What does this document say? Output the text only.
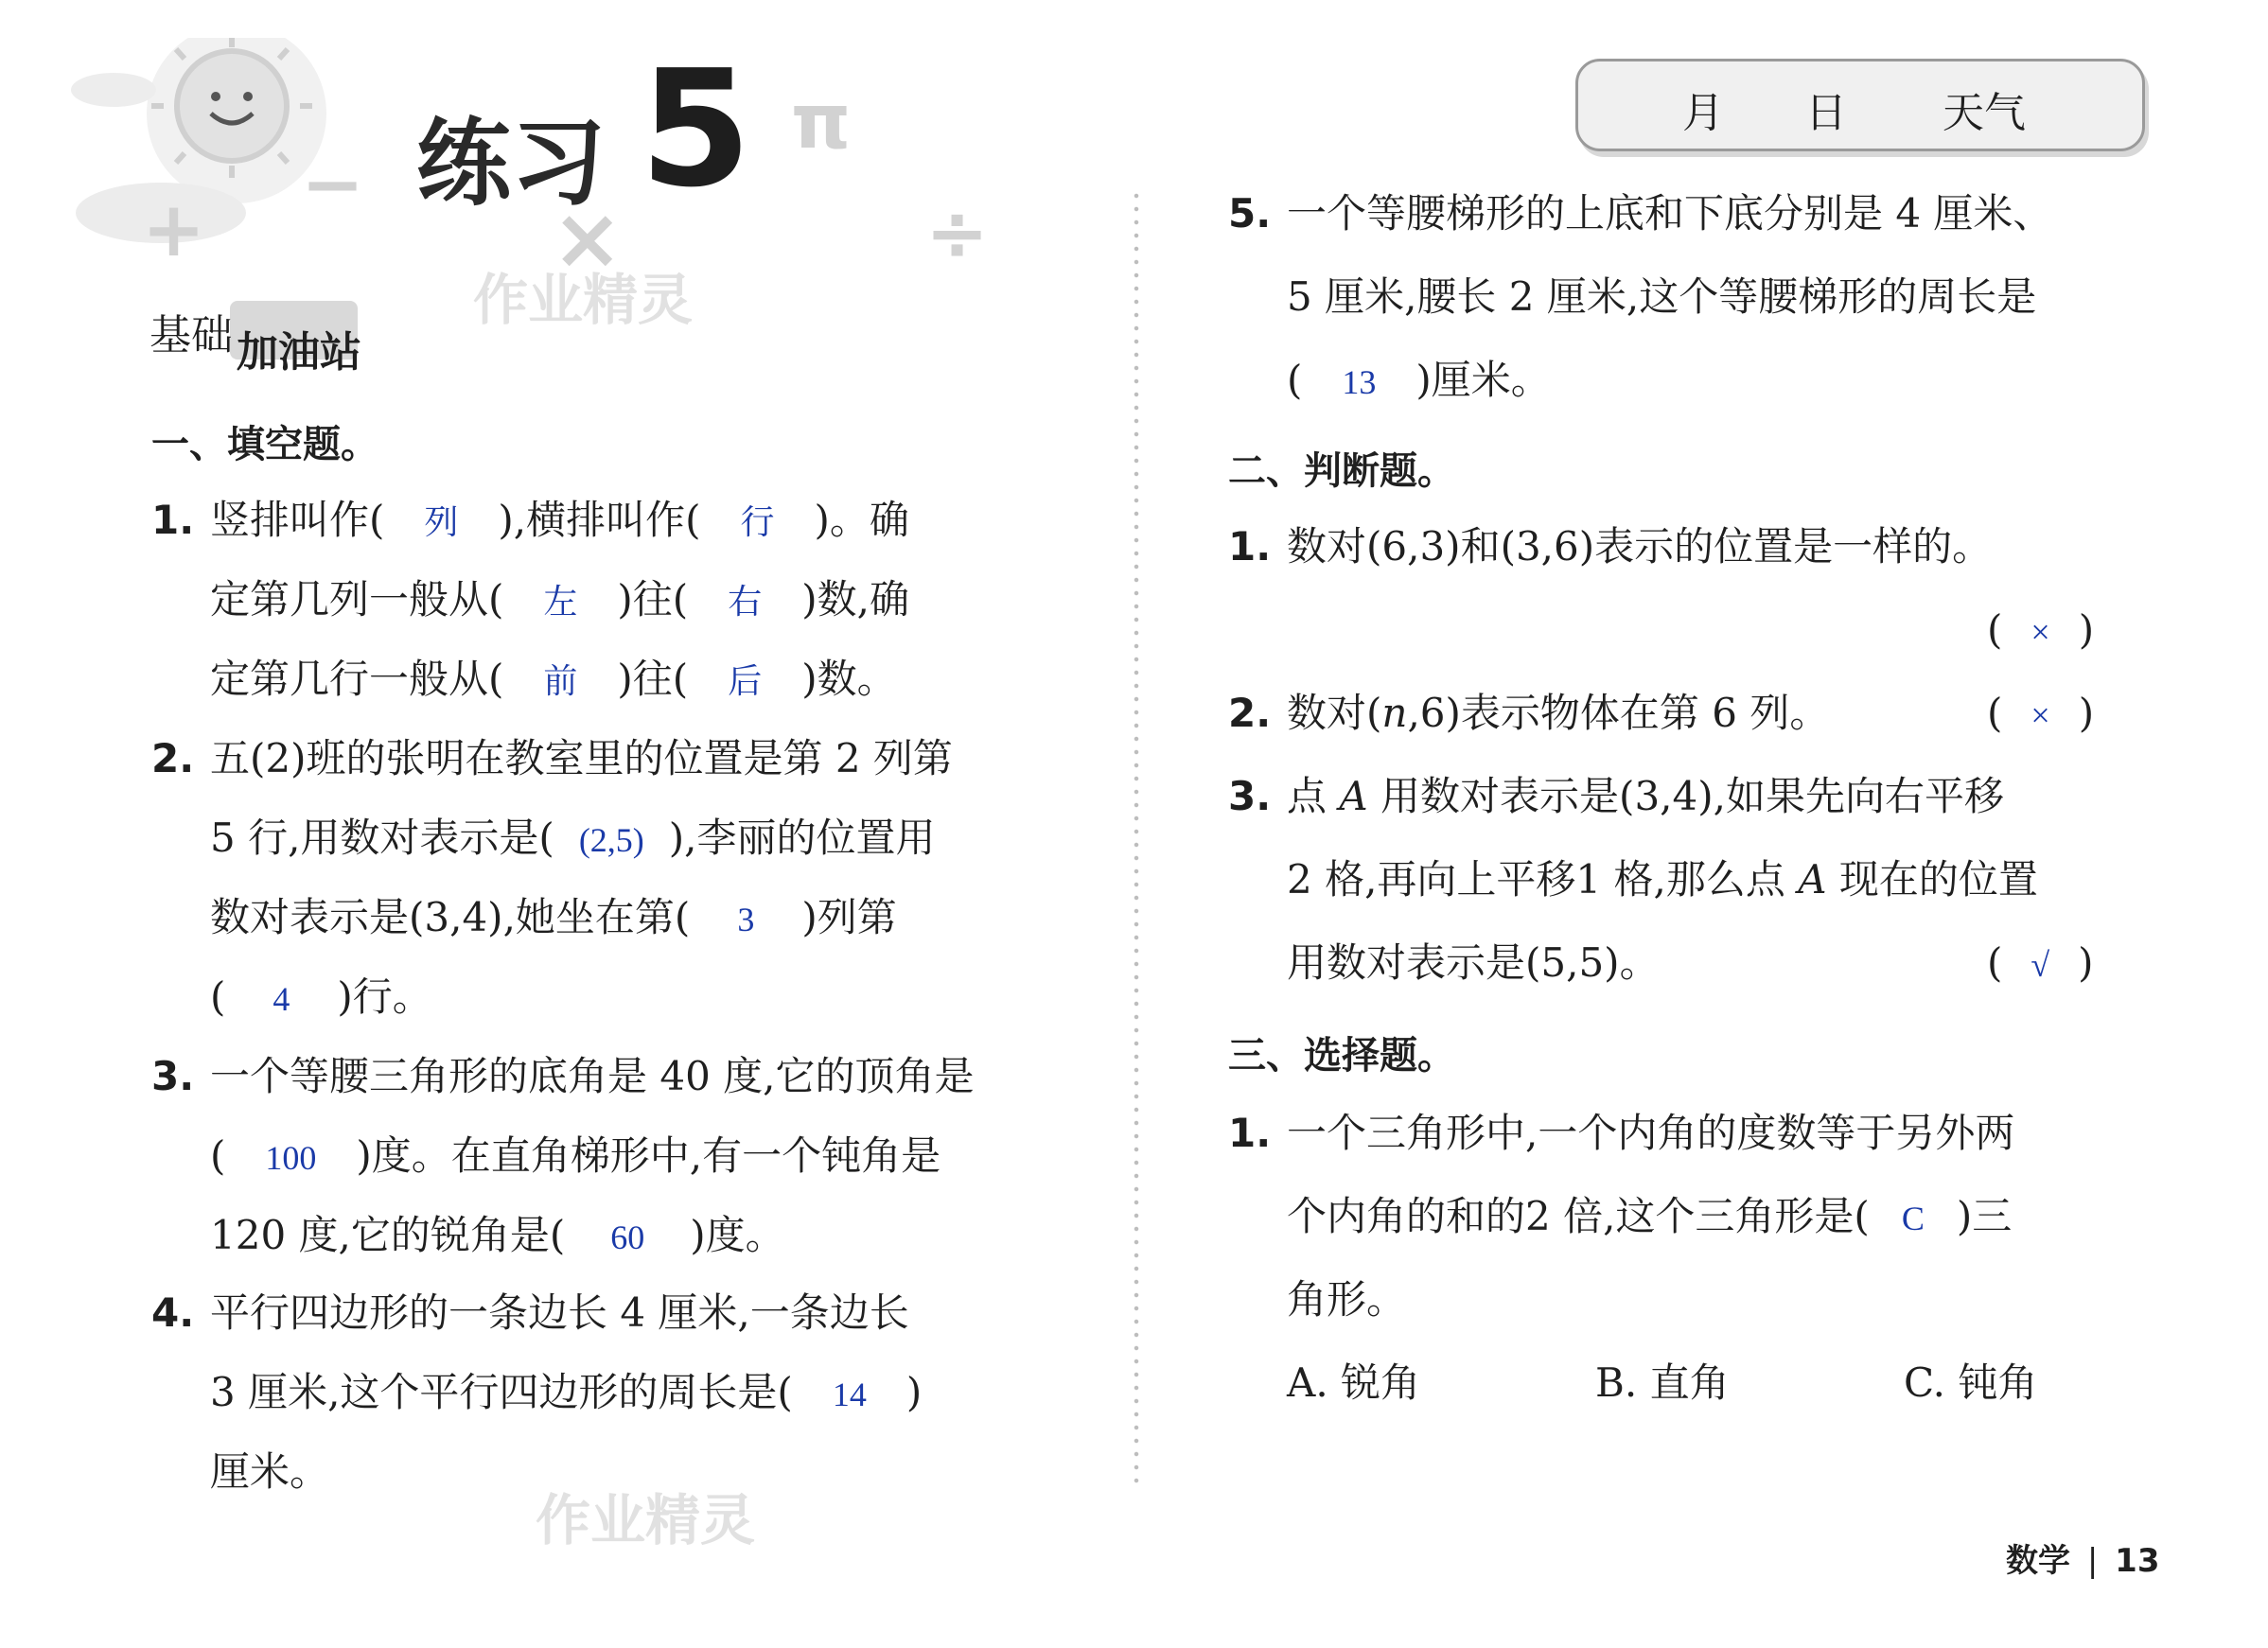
−
+	×
π
÷
练习 5	月 日 天气
基础 加油站
作业精灵
作业精灵
一、填空题。
1. 竖排叫作( 列 ),横排叫作( 行 )。确
定第几列一般从( 左 )往( 右 )数,确
定第几行一般从( 前 )往( 后 )数。
2. 五(2)班的张明在教室里的位置是第 2 列第
5 行,用数对表示是( (2,5) ),李丽的位置用
数对表示是(3,4),她坐在第( 3 )列第
( 4 )行。
3. 一个等腰三角形的底角是 40 度,它的顶角是
( 100 )度。在直角梯形中,有一个钝角是
120 度,它的锐角是( 60 )度。
4. 平行四边形的一条边长 4 厘米,一条边长
3 厘米,这个平行四边形的周长是( 14 )
厘米。
5. 一个等腰梯形的上底和下底分别是 4 厘米、
5 厘米,腰长 2 厘米,这个等腰梯形的周长是
( 13 )厘米。
二、判断题。
1. 数对(6,3)和(3,6)表示的位置是一样的。
( × )
2. 数对(n,6)表示物体在第 6 列。	( × )
3. 点 A 用数对表示是(3,4),如果先向右平移
2 格,再向上平移1 格,那么点 A 现在的位置
用数对表示是(5,5)。	( √ )
三、选择题。
1. 一个三角形中,一个内角的度数等于另外两
个内角的和的2 倍,这个三角形是( C )三
角形。
A. 锐角	B. 直角	C. 钝角
数学 | 13
